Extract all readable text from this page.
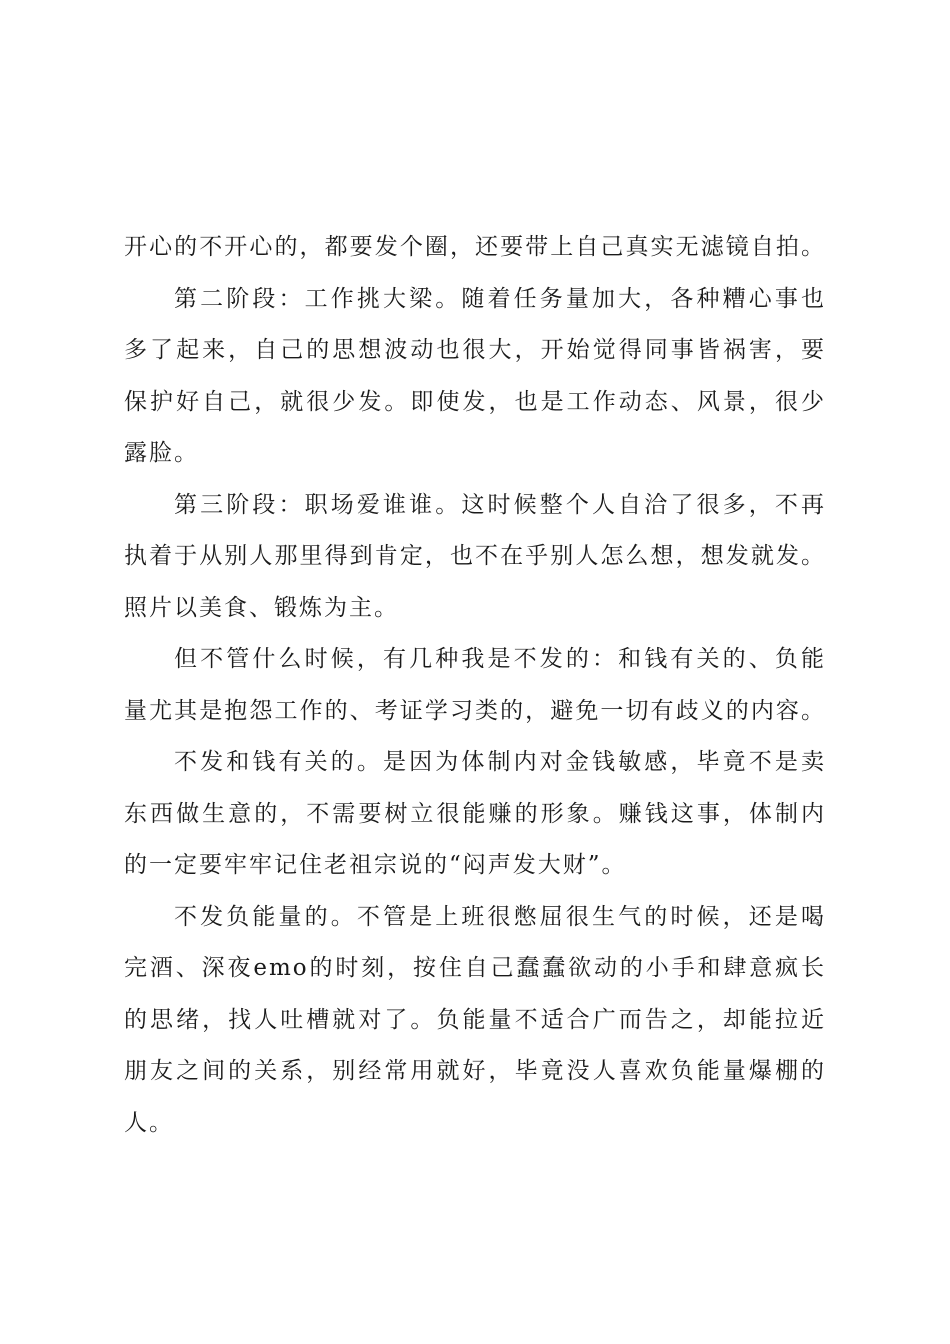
开心的不开心的，都要发个圈，还要带上自己真实无滤镜自拍。
第二阶段：工作挑大梁。随着任务量加大，各种糟心事也
多了起来，自己的思想波动也很大，开始觉得同事皆祸害，要
保护好自己，就很少发。即使发，也是工作动态、风景，很少
露脸。
第三阶段：职场爱谁谁。这时候整个人自洽了很多，不再
执着于从别人那里得到肯定，也不在乎别人怎么想，想发就发。
照片以美食、锻炼为主。
但不管什么时候，有几种我是不发的：和钱有关的、负能
量尤其是抱怨工作的、考证学习类的，避免一切有歧义的内容。
不发和钱有关的。是因为体制内对金钱敏感，毕竟不是卖
东西做生意的，不需要树立很能赚的形象。赚钱这事，体制内
的一定要牢牢记住老祖宗说的“闷声发大财”。
不发负能量的。不管是上班很憋屈很生气的时候，还是喝
完酒、深夜emo的时刻，按住自己蠢蠢欲动的小手和肆意疯长
的思绪，找人吐槽就对了。负能量不适合广而告之，却能拉近
朋友之间的关系，别经常用就好，毕竟没人喜欢负能量爆棚的
人。
